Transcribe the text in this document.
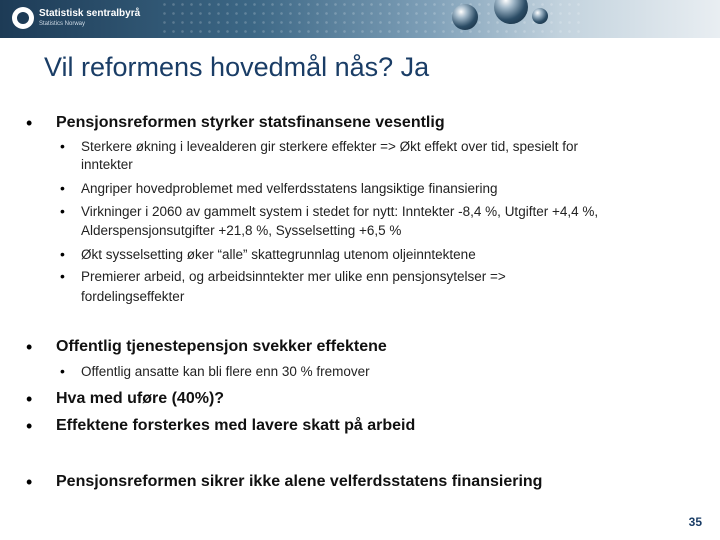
Statistisk sentralbyrå
Statistics Norway
Vil reformens hovedmål nås? Ja
• Pensjonsreformen styrker statsfinansene vesentlig
• Sterkere økning i levealderen gir sterkere effekter => Økt effekt over tid, spesielt for
inntekter
• Angriper hovedproblemet med velferdsstatens langsiktige finansiering
• Virkninger i 2060 av gammelt system i stedet for nytt: Inntekter -8,4 %, Utgifter +4,4 %,
Alderspensjonsutgifter +21,8 %, Sysselsetting +6,5 %
• Økt sysselsetting øker “alle” skattegrunnlag utenom oljeinntektene
• Premierer arbeid, og arbeidsinntekter mer ulike enn pensjonsytelser =>
fordelingseffekter
• Offentlig tjenestepensjon svekker effektene
• Offentlig ansatte kan bli flere enn 30 % fremover
• Hva med uføre (40%)?
• Effektene forsterkes med lavere skatt på arbeid
• Pensjonsreformen sikrer ikke alene velferdsstatens finansiering
35
